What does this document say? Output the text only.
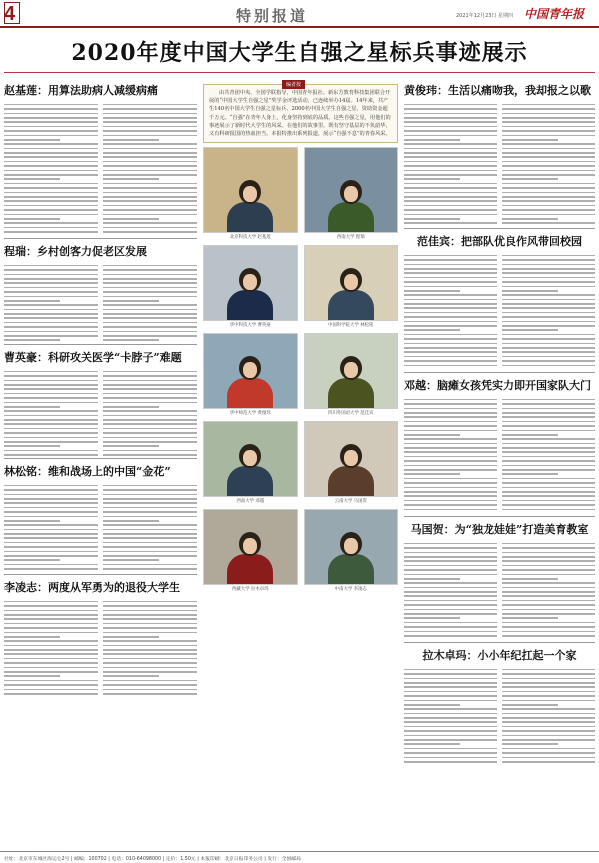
4	特别报道	2021年12月23日 星期四 中国青年报
2020年度中国大学生自强之星标兵事迹展示
赵基莲：用算法助病人减缓病痛
程瑞：乡村创客力促老区发展
曹英豪：科研攻关医学“卡脖子”难题
林松铭：维和战场上的中国“金花”
李凌志：两度从军勇为的退役大学生
编者按
由共青团中央、全国学联指导，中国青年报社、新东方教育科技集团联合开展的“中国大学生自强之星”奖学金评选活动，已连续举办14届。14年来，共产生140名中国大学生自强之星标兵、2000名中国大学生自强之星，资助资金超千万元。“自强”在青年人身上，化身坚持到底的品质。这些自强之星，用他们的事迹展示了新时代大学生的风采。在他们的故事里，既有坚守基层的不负韶华，又有科研报国的热血担当。本报特推出系列报道，展示“自强不息”的青春风采。
北京科技大学 赵基莲	西南大学 程瑞
华中科技大学 曹英豪	中国科学院大学 林松铭
华中师范大学 黄俊玮	四川外国语大学 范佳宾
西南大学 邓越	云南大学 马国贺
西藏大学 拉木卓玛	中南大学 李凌志
黄俊玮：生活以痛吻我，我却报之以歌
范佳宾：把部队优良作风带回校园
邓越：脑瘫女孩凭实力即开国家队大门
马国贺：为“独龙娃娃”打造美育教室
拉木卓玛：小小年纪扛起一个家
社址：北京市东城区海运仓2号 | 邮编：100702 | 电话：010-64098000 | 定价：1.50元 | 本报印刷：北京日报印务公司 | 发行：全国邮局
